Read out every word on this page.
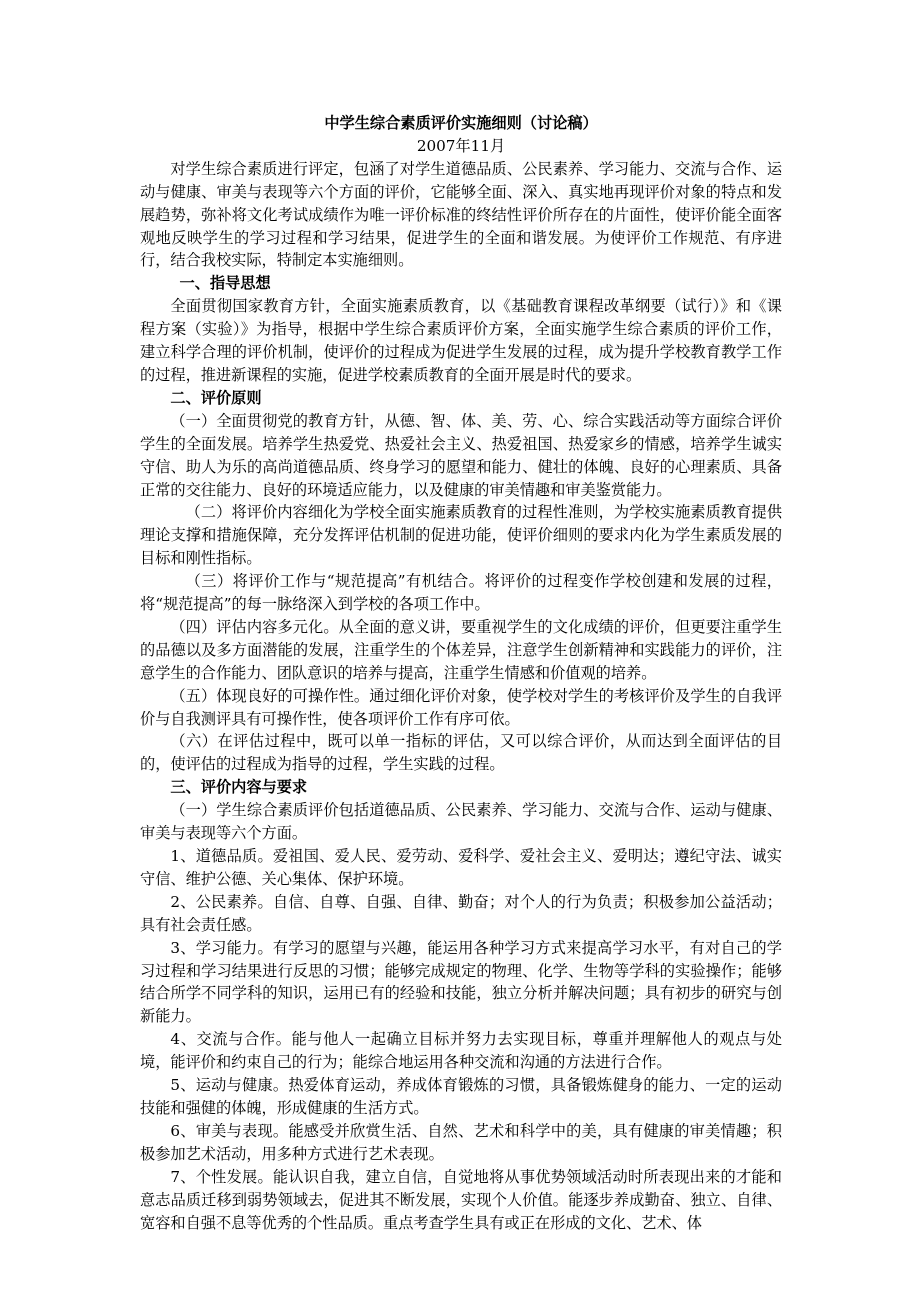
中学生综合素质评价实施细则（讨论稿）

2007年11月

对学生综合素质进行评定，包涵了对学生道德品质、公民素养、学习能力、交流与合作、运动与健康、审美与表现等六个方面的评价，它能够全面、深入、真实地再现评价对象的特点和发展趋势，弥补将文化考试成绩作为唯一评价标准的终结性评价所存在的片面性，使评价能全面客观地反映学生的学习过程和学习结果，促进学生的全面和谐发展。为使评价工作规范、有序进行，结合我校实际，特制定本实施细则。

一、指导思想

全面贯彻国家教育方针，全面实施素质教育，以《基础教育课程改革纲要（试行）》和《课程方案（实验）》为指导，根据中学生综合素质评价方案，全面实施学生综合素质的评价工作，建立科学合理的评价机制，使评价的过程成为促进学生发展的过程，成为提升学校教育教学工作的过程，推进新课程的实施，促进学校素质教育的全面开展是时代的要求。

二、评价原则

（一）全面贯彻党的教育方针，从德、智、体、美、劳、心、综合实践活动等方面综合评价学生的全面发展。培养学生热爱党、热爱社会主义、热爱祖国、热爱家乡的情感，培养学生诚实守信、助人为乐的高尚道德品质、终身学习的愿望和能力、健壮的体魄、良好的心理素质、具备正常的交往能力、良好的环境适应能力，以及健康的审美情趣和审美鉴赏能力。

（二）将评价内容细化为学校全面实施素质教育的过程性准则，为学校实施素质教育提供理论支撑和措施保障，充分发挥评估机制的促进功能，使评价细则的要求内化为学生素质发展的目标和刚性指标。

（三）将评价工作与“规范提高”有机结合。将评价的过程变作学校创建和发展的过程，将“规范提高”的每一脉络深入到学校的各项工作中。

（四）评估内容多元化。从全面的意义讲，要重视学生的文化成绩的评价，但更要注重学生的品德以及多方面潜能的发展，注重学生的个体差异，注意学生创新精神和实践能力的评价，注意学生的合作能力、团队意识的培养与提高，注重学生情感和价值观的培养。

（五）体现良好的可操作性。通过细化评价对象，使学校对学生的考核评价及学生的自我评价与自我测评具有可操作性，使各项评价工作有序可依。

（六）在评估过程中，既可以单一指标的评估，又可以综合评价，从而达到全面评估的目的，使评估的过程成为指导的过程，学生实践的过程。

三、评价内容与要求

（一）学生综合素质评价包括道德品质、公民素养、学习能力、交流与合作、运动与健康、审美与表现等六个方面。

1、道德品质。爱祖国、爱人民、爱劳动、爱科学、爱社会主义、爱明达；遵纪守法、诚实守信、维护公德、关心集体、保护环境。

2、公民素养。自信、自尊、自强、自律、勤奋；对个人的行为负责；积极参加公益活动；具有社会责任感。

3、学习能力。有学习的愿望与兴趣，能运用各种学习方式来提高学习水平，有对自己的学习过程和学习结果进行反思的习惯；能够完成规定的物理、化学、生物等学科的实验操作；能够结合所学不同学科的知识，运用已有的经验和技能，独立分析并解决问题；具有初步的研究与创新能力。

4、交流与合作。能与他人一起确立目标并努力去实现目标，尊重并理解他人的观点与处境，能评价和约束自己的行为；能综合地运用各种交流和沟通的方法进行合作。

5、运动与健康。热爱体育运动，养成体育锻炼的习惯，具备锻炼健身的能力、一定的运动技能和强健的体魄，形成健康的生活方式。

6、审美与表现。能感受并欣赏生活、自然、艺术和科学中的美，具有健康的审美情趣；积极参加艺术活动，用多种方式进行艺术表现。

7、个性发展。能认识自我，建立自信，自觉地将从事优势领域活动时所表现出来的才能和意志品质迁移到弱势领域去，促进其不断发展，实现个人价值。能逐步养成勤奋、独立、自律、宽容和自强不息等优秀的个性品质。重点考查学生具有或正在形成的文化、艺术、体
